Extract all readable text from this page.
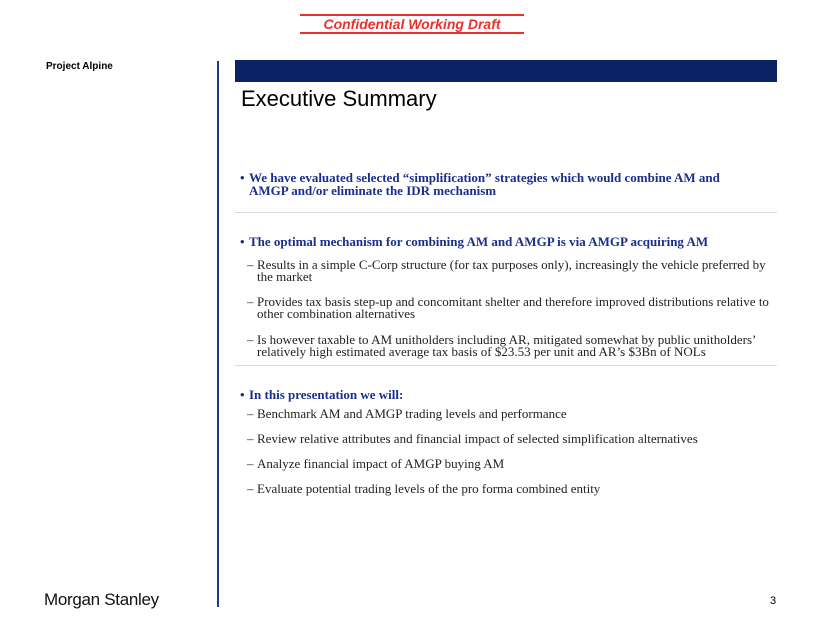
Confidential Working Draft
Project Alpine
Executive Summary
• We have evaluated selected “simplification” strategies which would combine AM and AMGP and/or eliminate the IDR mechanism
• The optimal mechanism for combining AM and AMGP is via AMGP acquiring AM
– Results in a simple C-Corp structure (for tax purposes only), increasingly the vehicle preferred by the market
– Provides tax basis step-up and concomitant shelter and therefore improved distributions relative to other combination alternatives
– Is however taxable to AM unitholders including AR, mitigated somewhat by public unitholders’ relatively high estimated average tax basis of $23.53 per unit and AR’s $3Bn of NOLs
• In this presentation we will:
– Benchmark AM and AMGP trading levels and performance
– Review relative attributes and financial impact of selected simplification alternatives
– Analyze financial impact of AMGP buying AM
– Evaluate potential trading levels of the pro forma combined entity
Morgan Stanley	3
